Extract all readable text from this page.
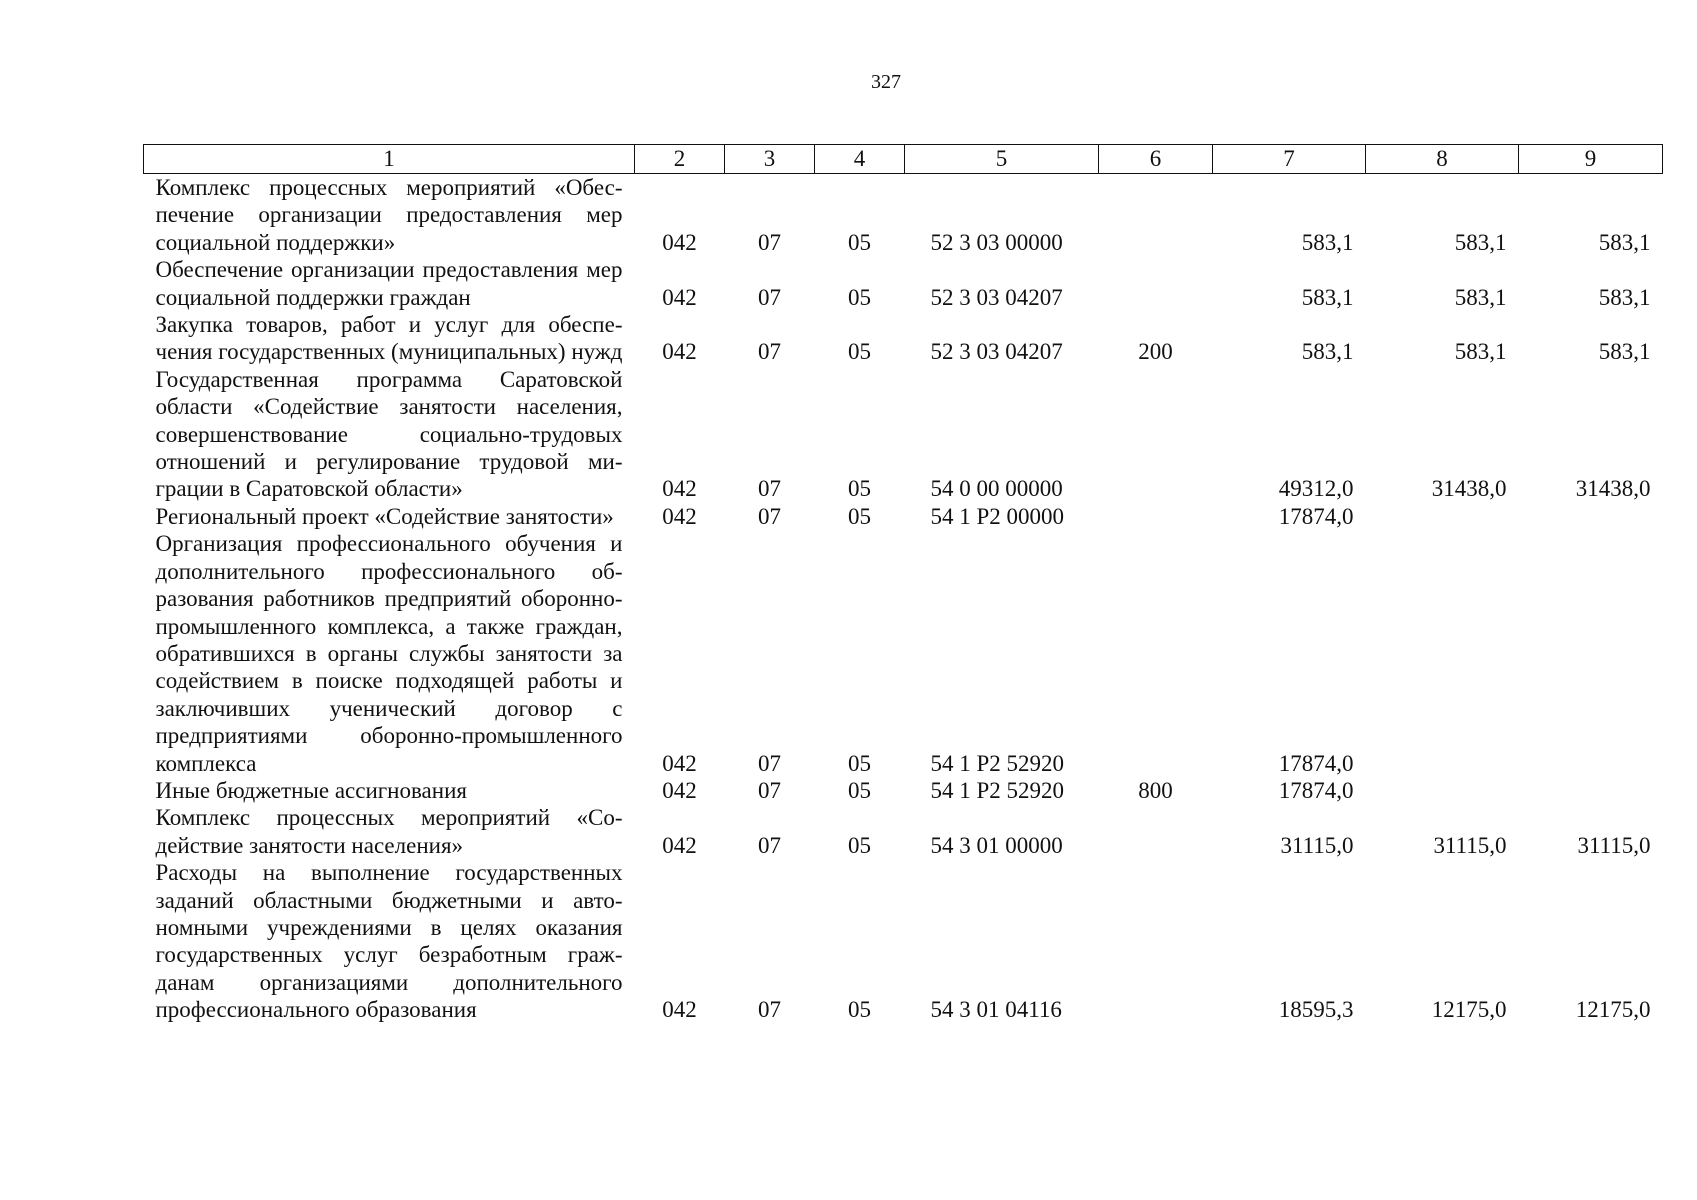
327
1	2	3	4	5	6	7	8	9
Комплекс процессных мероприятий «Обеспечение организации предоставления мер социальной поддержки»	042	07	05	52 3 03 00000		583,1	583,1	583,1
Обеспечение организации предоставления мер социальной поддержки граждан	042	07	05	52 3 03 04207		583,1	583,1	583,1
Закупка товаров, работ и услуг для обеспечения государственных (муниципальных) нужд	042	07	05	52 3 03 04207	200	583,1	583,1	583,1
Государственная программа Саратовской области «Содействие занятости населения, совершенствование социально-трудовых отношений и регулирование трудовой миграции в Саратовской области»	042	07	05	54 0 00 00000		49312,0	31438,0	31438,0
Региональный проект «Содействие занятости»	042	07	05	54 1 P2 00000		17874,0		
Организация профессионального обучения и дополнительного профессионального образования работников предприятий оборонно-промышленного комплекса, а также граждан, обратившихся в органы службы занятости за содействием в поиске подходящей работы и заключивших ученический договор с предприятиями оборонно-промышленного комплекса	042	07	05	54 1 P2 52920		17874,0		
Иные бюджетные ассигнования	042	07	05	54 1 P2 52920	800	17874,0		
Комплекс процессных мероприятий «Содействие занятости населения»	042	07	05	54 3 01 00000		31115,0	31115,0	31115,0
Расходы на выполнение государственных заданий областными бюджетными и автономными учреждениями в целях оказания государственных услуг безработным гражданам организациями дополнительного профессионального образования	042	07	05	54 3 01 04116		18595,3	12175,0	12175,0
